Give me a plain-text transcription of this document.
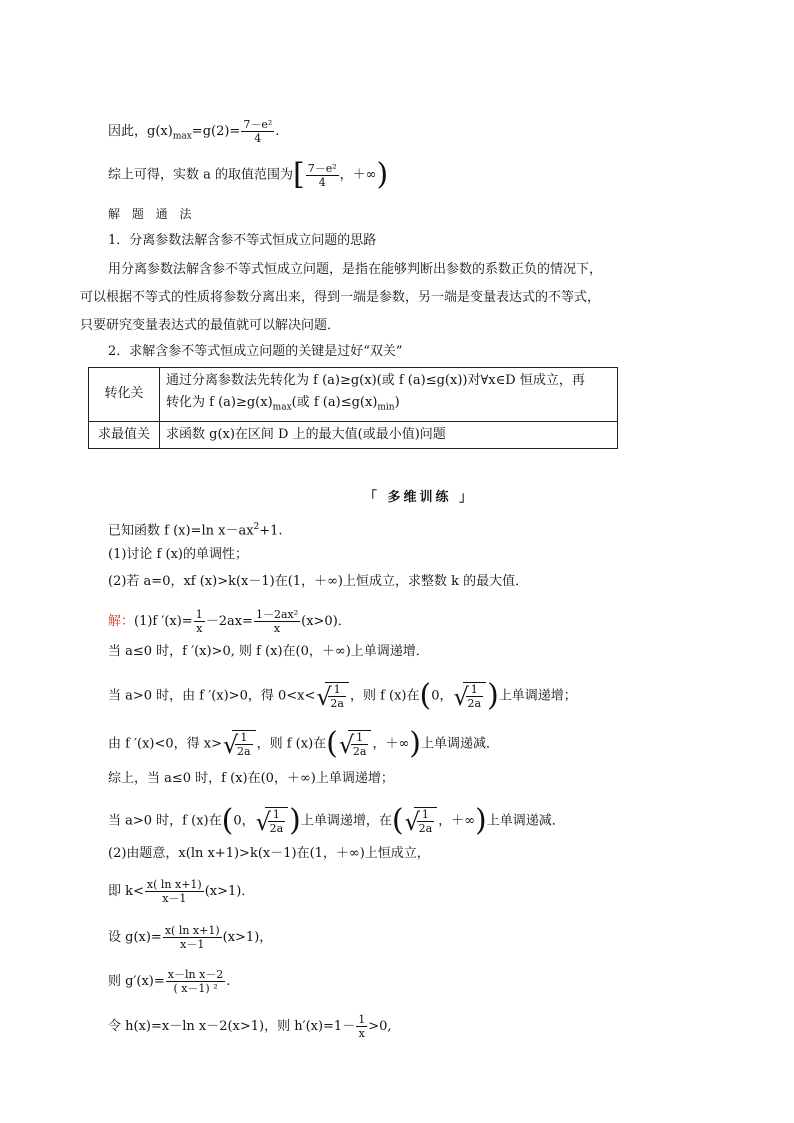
因此，$g(x)_{max}=g(2)= \frac{\text{7－e²}}{4}$ .
综上可得，实数 a 的取值范围为[ $\frac{\text{7－e²}}{4}$ ，＋∞)
解 题 通 法
1．分离参数法解含参不等式恒成立问题的思路
用分离参数法解含参不等式恒成立问题，是指在能够判断出参数的系数正负的情况下，
可以根据不等式的性质将参数分离出来，得到一端是参数，另一端是变量表达式的不等式，
只要研究变量表达式的最值就可以解决问题．
2．求解含参不等式恒成立问题的关键是过好“双关”
转化关	通过分离参数法先转化为 f (a)≥g(x)(或 f (a)≤g(x))对∀x∈D 恒成立，再
转化为 f $(a)\ge g(x)_{max}$(或 f $(a)\le g(x)_{min}$)

求最值关	求函数 g(x)在区间 D 上的最大值(或最小值)问题
「 多维训练 」
已知函数 f (x)=ln $x-ax^2+1$.
(1)讨论 f (x)的单调性；
(2)若 a=0，xf (x)>k(x－1)在(1，＋∞)上恒成立，求整数 k 的最大值．
解：(1)f $'(x)= \frac{1}{x} -2ax= \frac{\text{1－2ax²}}{x} (x>0)$．
当 a≤0 时，f ′(x)>0, 则 f (x)在(0，＋∞)上单调递增．
当 a>0 时，由 f ′(x)>0，得 0<x< √
$\frac{1}{2a}$ ，则 f (x)在(0， √
$\frac{1}{2a}$ )上单调递增；
由 f ′(x)<0，得 x> √
$\frac{1}{2a}$ ，则 f (x)在( √
$\frac{1}{2a}$ ，＋∞)上单调递减．
综上，当 a≤0 时，f (x)在(0，＋∞)上单调递增；
当 a>0 时，f (x)在(0， √
$\frac{1}{2a}$ )上单调递增，在( √
$\frac{1}{2a}$ ，＋∞)上单调递减．
(2)由题意，x(ln x+1)>k(x－1)在(1，＋∞)上恒成立，
即 $k< \frac{\text{x( ln x+1)}}{x-1} (x>1)$．
设 $g(x)= \frac{\text{x( ln x+1)}}{x-1} (x>1)$，
则 $g'(x)= \frac{\text{x－ln x－2}}{\text{( x－1) ²}}$ .
令 h(x)=x－ln x－2(x>1)，则 $h'(x)=1- \frac{1}{x} >0$,
